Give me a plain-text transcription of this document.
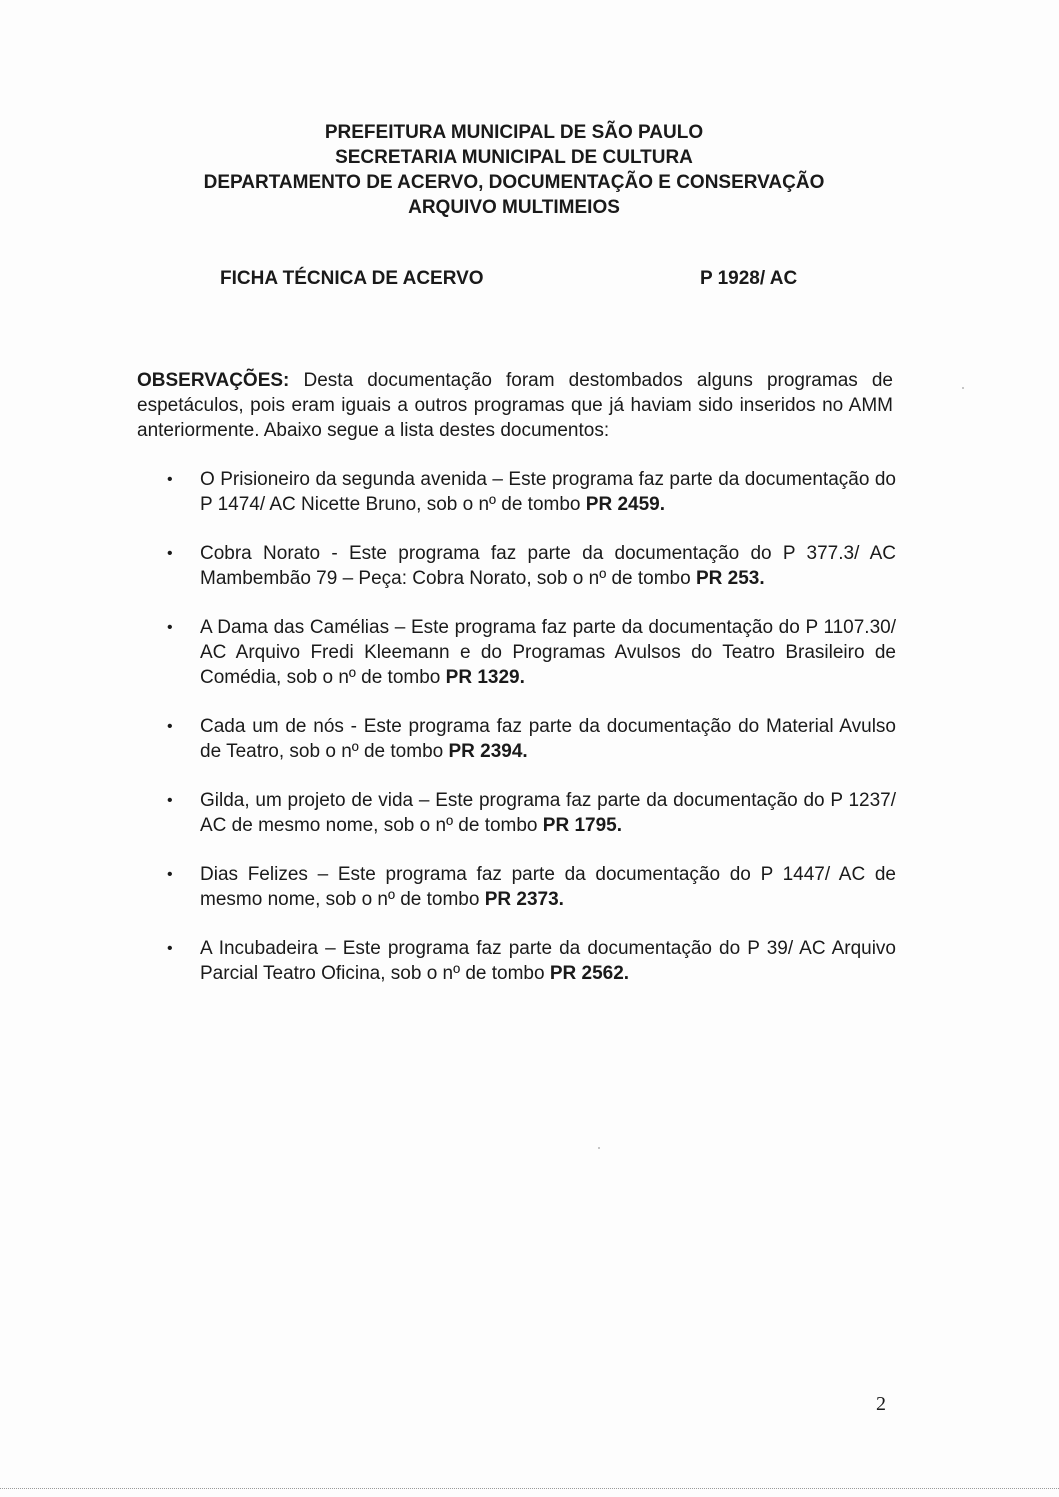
PREFEITURA MUNICIPAL DE SÃO PAULO
SECRETARIA MUNICIPAL DE CULTURA
DEPARTAMENTO DE ACERVO, DOCUMENTAÇÃO E CONSERVAÇÃO
ARQUIVO MULTIMEIOS
FICHA TÉCNICA DE ACERVO	P 1928/ AC
OBSERVAÇÕES: Desta documentação foram destombados alguns programas de espetáculos, pois eram iguais a outros programas que já haviam sido inseridos no AMM anteriormente. Abaixo segue a lista destes documentos:
• O Prisioneiro da segunda avenida – Este programa faz parte da documentação do P 1474/ AC Nicette Bruno, sob o nº de tombo PR 2459.
• Cobra Norato - Este programa faz parte da documentação do P 377.3/ AC Mambembão 79 – Peça: Cobra Norato, sob o nº de tombo PR 253.
• A Dama das Camélias – Este programa faz parte da documentação do P 1107.30/ AC Arquivo Fredi Kleemann e do Programas Avulsos do Teatro Brasileiro de Comédia, sob o nº de tombo PR 1329.
• Cada um de nós - Este programa faz parte da documentação do Material Avulso de Teatro, sob o nº de tombo PR 2394.
• Gilda, um projeto de vida – Este programa faz parte da documentação do P 1237/ AC de mesmo nome, sob o nº de tombo PR 1795.
• Dias Felizes – Este programa faz parte da documentação do P 1447/ AC de mesmo nome, sob o nº de tombo PR 2373.
• A Incubadeira – Este programa faz parte da documentação do P 39/ AC Arquivo Parcial Teatro Oficina, sob o nº de tombo PR 2562.
2
